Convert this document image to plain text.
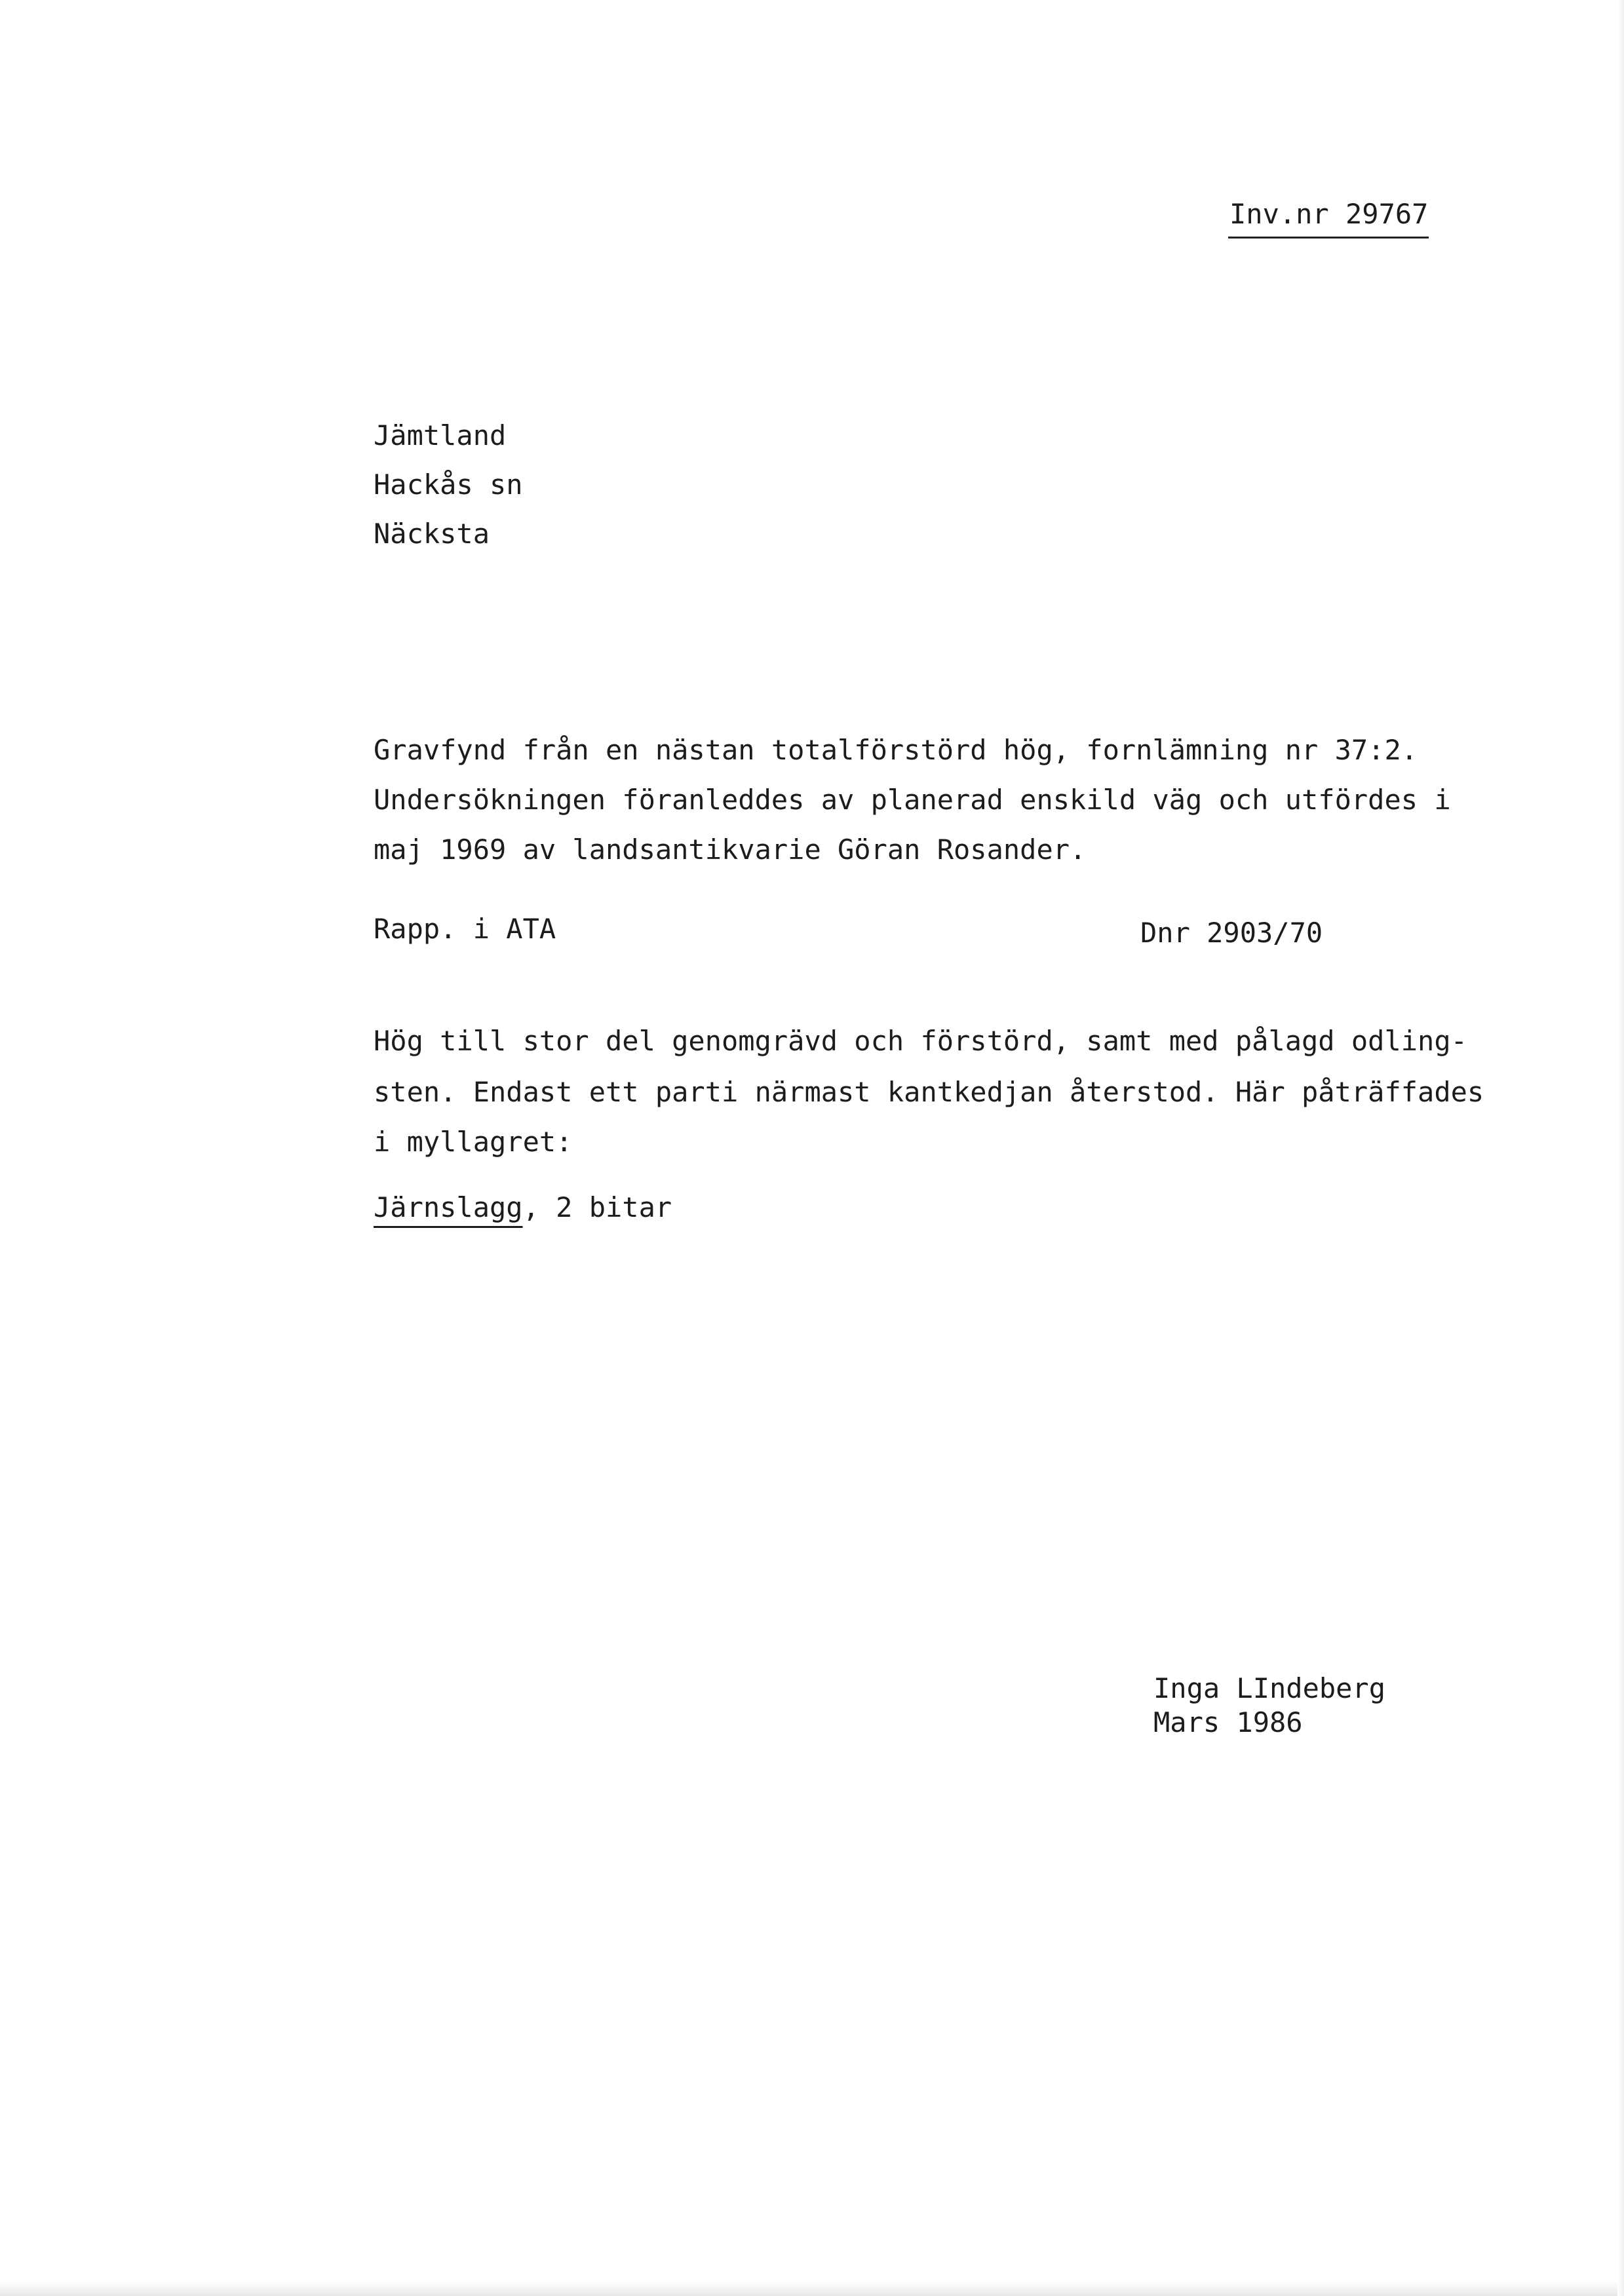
Inv.nr 29767
Jämtland
Hackås sn
Näcksta
Gravfynd från en nästan totalförstörd hög, fornlämning nr 37:2.
Undersökningen föranleddes av planerad enskild väg och utfördes i
maj 1969 av landsantikvarie Göran Rosander.
Rapp. i ATA	Dnr 2903/70
Hög till stor del genomgrävd och förstörd, samt med pålagd odling-
sten. Endast ett parti närmast kantkedjan återstod. Här påträffades
i myllagret:
Järnslagg, 2 bitar
Inga LIndeberg
Mars 1986
